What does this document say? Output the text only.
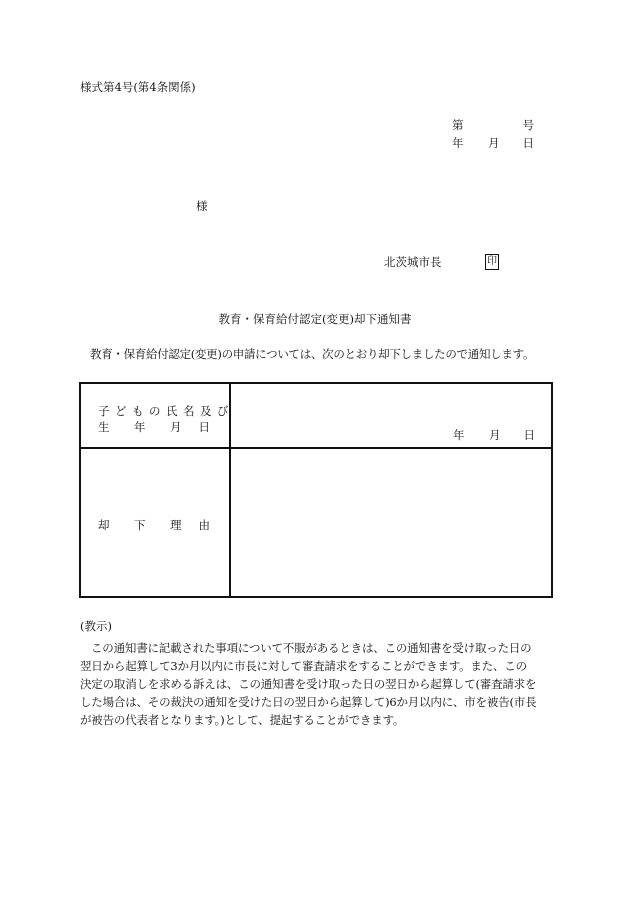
様式第4号(第4条関係)
第	号
年 月 日
様
北茨城市長	印
教育・保育給付認定(変更)却下通知書
教育・保育給付認定(変更)の申請については、次のとおり却下しましたので通知します。
子どもの氏名及び
生 年 月 日
年 月 日
却 下 理 由
(教示)
この通知書に記載された事項について不服があるときは、この通知書を受け取った日の
翌日から起算して3か月以内に市長に対して審査請求をすることができます。また、この
決定の取消しを求める訴えは、この通知書を受け取った日の翌日から起算して(審査請求を
した場合は、その裁決の通知を受けた日の翌日から起算して)6か月以内に、市を被告(市長
が被告の代表者となります。)として、提起することができます。
